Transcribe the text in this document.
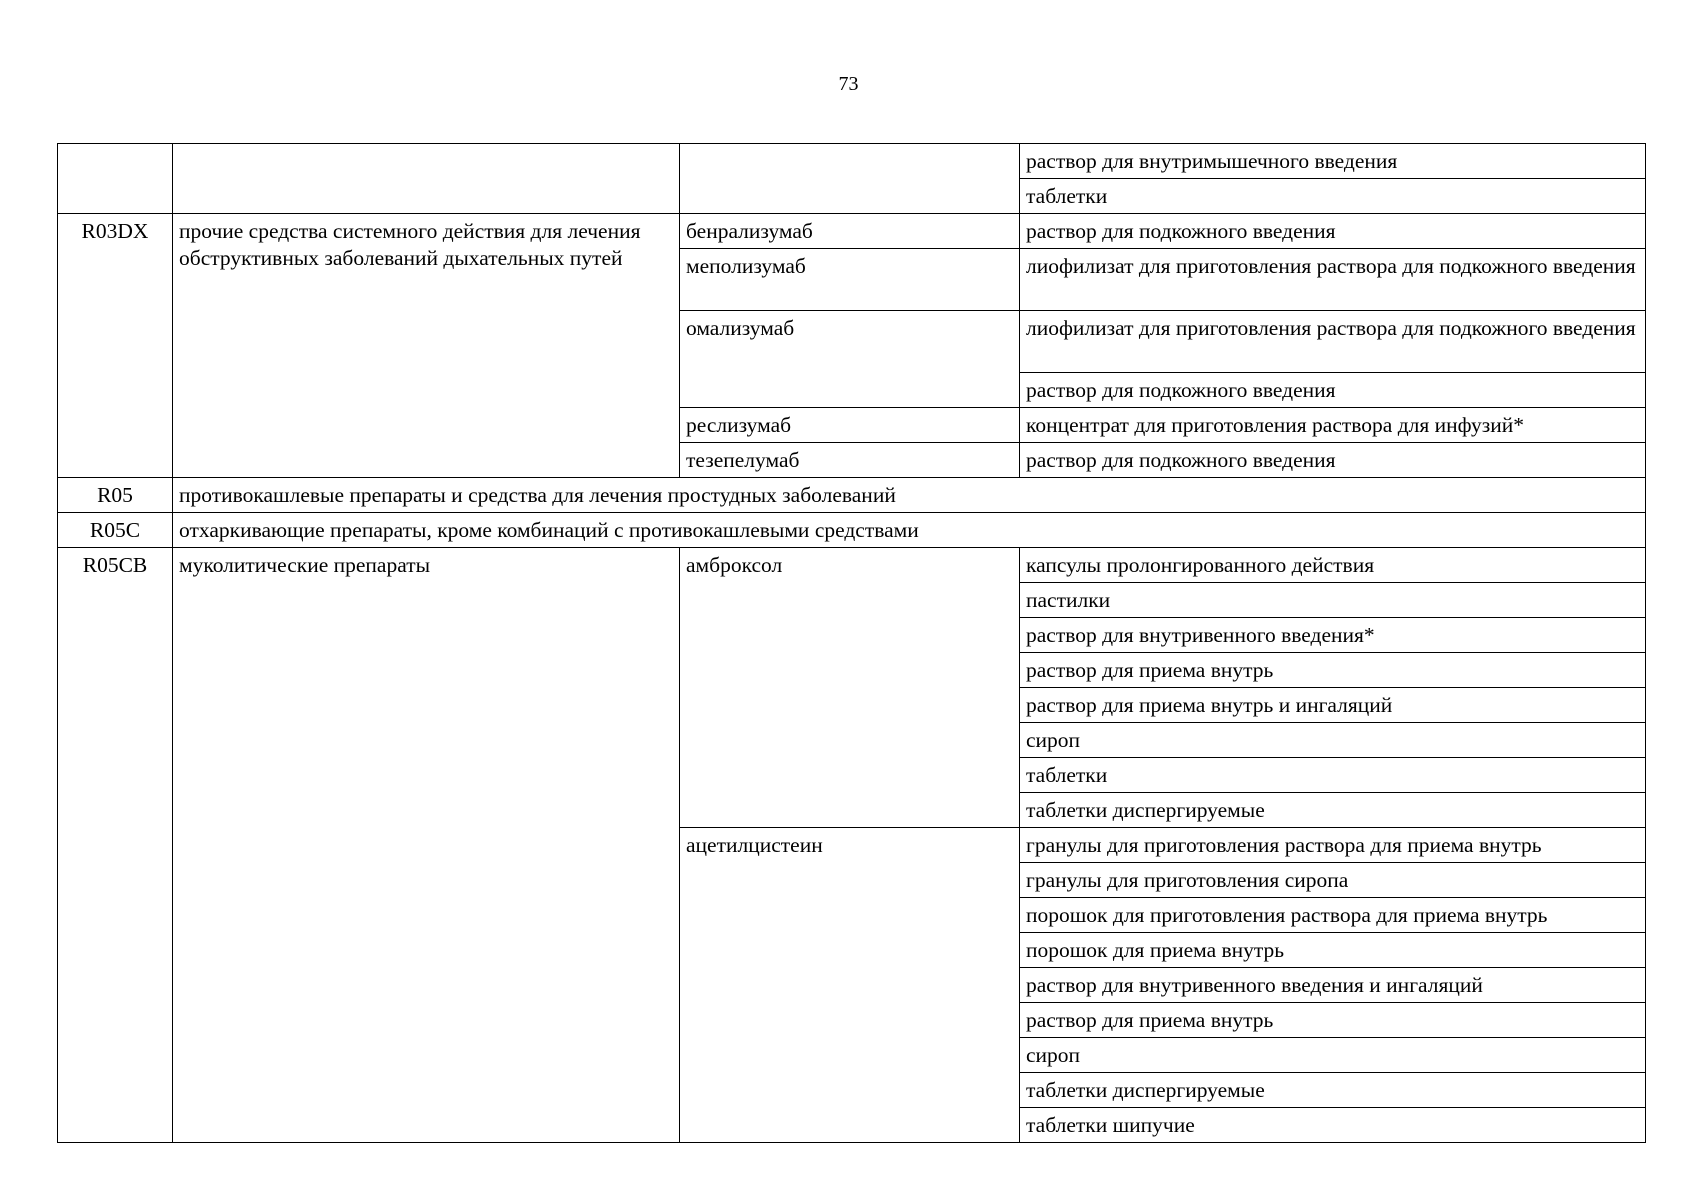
73
			раствор для внутримышечного введения
			таблетки
R03DX	прочие средства системного действия для лечения обструктивных заболеваний дыхательных путей	бенрализумаб	раствор для подкожного введения
		меполизумаб	лиофилизат для приготовления раствора для подкожного введения
		омализумаб	лиофилизат для приготовления раствора для подкожного введения
			раствор для подкожного введения
		реслизумаб	концентрат для приготовления раствора для инфузий*
		тезепелумаб	раствор для подкожного введения
R05	противокашлевые препараты и средства для лечения простудных заболеваний		
R05C	отхаркивающие препараты, кроме комбинаций с противокашлевыми средствами		
R05CB	муколитические препараты	амброксол	капсулы пролонгированного действия
			пастилки
			раствор для внутривенного введения*
			раствор для приема внутрь
			раствор для приема внутрь и ингаляций
			сироп
			таблетки
			таблетки диспергируемые
		ацетилцистеин	гранулы для приготовления раствора для приема внутрь
			гранулы для приготовления сиропа
			порошок для приготовления раствора для приема внутрь
			порошок для приема внутрь
			раствор для внутривенного введения и ингаляций
			раствор для приема внутрь
			сироп
			таблетки диспергируемые
			таблетки шипучие
